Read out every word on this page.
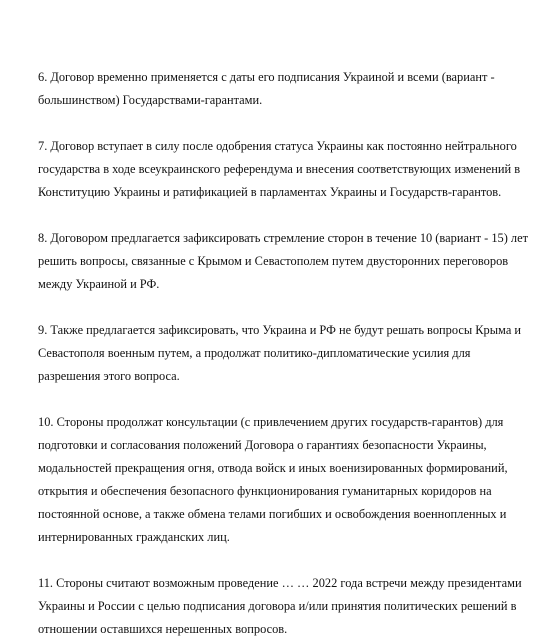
6. Договор временно применяется с даты его подписания Украиной и всеми (вариант -
большинством) Государствами-гарантами.

7. Договор вступает в силу после одобрения статуса Украины как постоянно нейтрального
государства в ходе всеукраинского референдума и внесения соответствующих изменений в
Конституцию Украины и ратификацией в парламентах Украины и Государств-гарантов.

8. Договором предлагается зафиксировать стремление сторон в течение 10 (вариант - 15) лет
решить вопросы, связанные с Крымом и Севастополем путем двусторонних переговоров
между Украиной и РФ.

9. Также предлагается зафиксировать, что Украина и РФ не будут решать вопросы Крыма и
Севастополя военным путем, а продолжат политико-дипломатические усилия для
разрешения этого вопроса.

10. Стороны продолжат консультации (с привлечением других государств-гарантов) для
подготовки и согласования положений Договора о гарантиях безопасности Украины,
модальностей прекращения огня, отвода войск и иных военизированных формирований,
открытия и обеспечения безопасного функционирования гуманитарных коридоров на
постоянной основе, а также обмена телами погибших и освобождения военнопленных и
интернированных гражданских лиц.

11. Стороны считают возможным проведение … … 2022 года встречи между президентами
Украины и России с целью подписания договора и/или принятия политических решений в
отношении оставшихся нерешенных вопросов.
